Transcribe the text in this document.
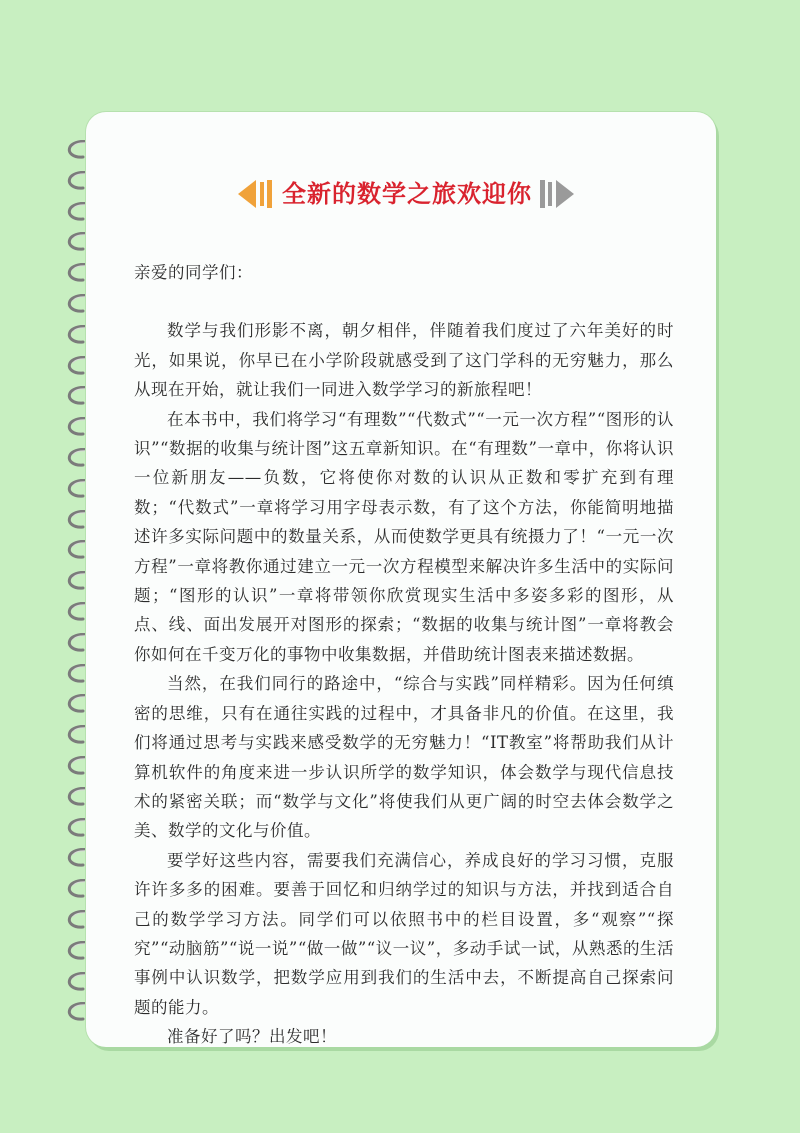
全新的数学之旅欢迎你

亲爱的同学们：

数学与我们形影不离，朝夕相伴，伴随着我们度过了六年美好的时光，如果说，你早已在小学阶段就感受到了这门学科的无穷魅力，那么从现在开始，就让我们一同进入数学学习的新旅程吧！

在本书中，我们将学习“有理数”“代数式”“一元一次方程”“图形的认识”“数据的收集与统计图”这五章新知识。在“有理数”一章中，你将认识一位新朋友——负数，它将使你对数的认识从正数和零扩充到有理数；“代数式”一章将学习用字母表示数，有了这个方法，你能简明地描述许多实际问题中的数量关系，从而使数学更具有统摄力了！“一元一次方程”一章将教你通过建立一元一次方程模型来解决许多生活中的实际问题；“图形的认识”一章将带领你欣赏现实生活中多姿多彩的图形，从点、线、面出发展开对图形的探索；“数据的收集与统计图”一章将教会你如何在千变万化的事物中收集数据，并借助统计图表来描述数据。

当然，在我们同行的路途中，“综合与实践”同样精彩。因为任何缜密的思维，只有在通往实践的过程中，才具备非凡的价值。在这里，我们将通过思考与实践来感受数学的无穷魅力！“IT教室”将帮助我们从计算机软件的角度来进一步认识所学的数学知识，体会数学与现代信息技术的紧密关联；而“数学与文化”将使我们从更广阔的时空去体会数学之美、数学的文化与价值。

要学好这些内容，需要我们充满信心，养成良好的学习习惯，克服许许多多的困难。要善于回忆和归纳学过的知识与方法，并找到适合自己的数学学习方法。同学们可以依照书中的栏目设置，多“观察”“探究”“动脑筋”“说一说”“做一做”“议一议”，多动手试一试，从熟悉的生活事例中认识数学，把数学应用到我们的生活中去，不断提高自己探索问题的能力。

准备好了吗？出发吧！
